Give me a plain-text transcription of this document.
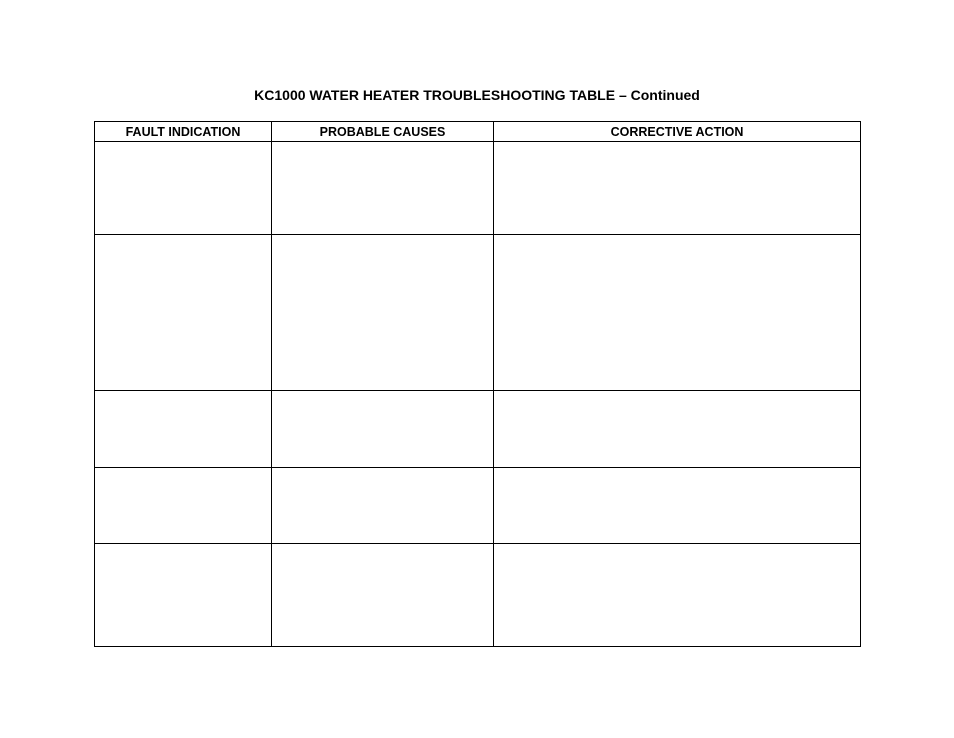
KC1000 WATER HEATER TROUBLESHOOTING TABLE – Continued
FAULT INDICATION	PROBABLE CAUSES	CORRECTIVE ACTION
